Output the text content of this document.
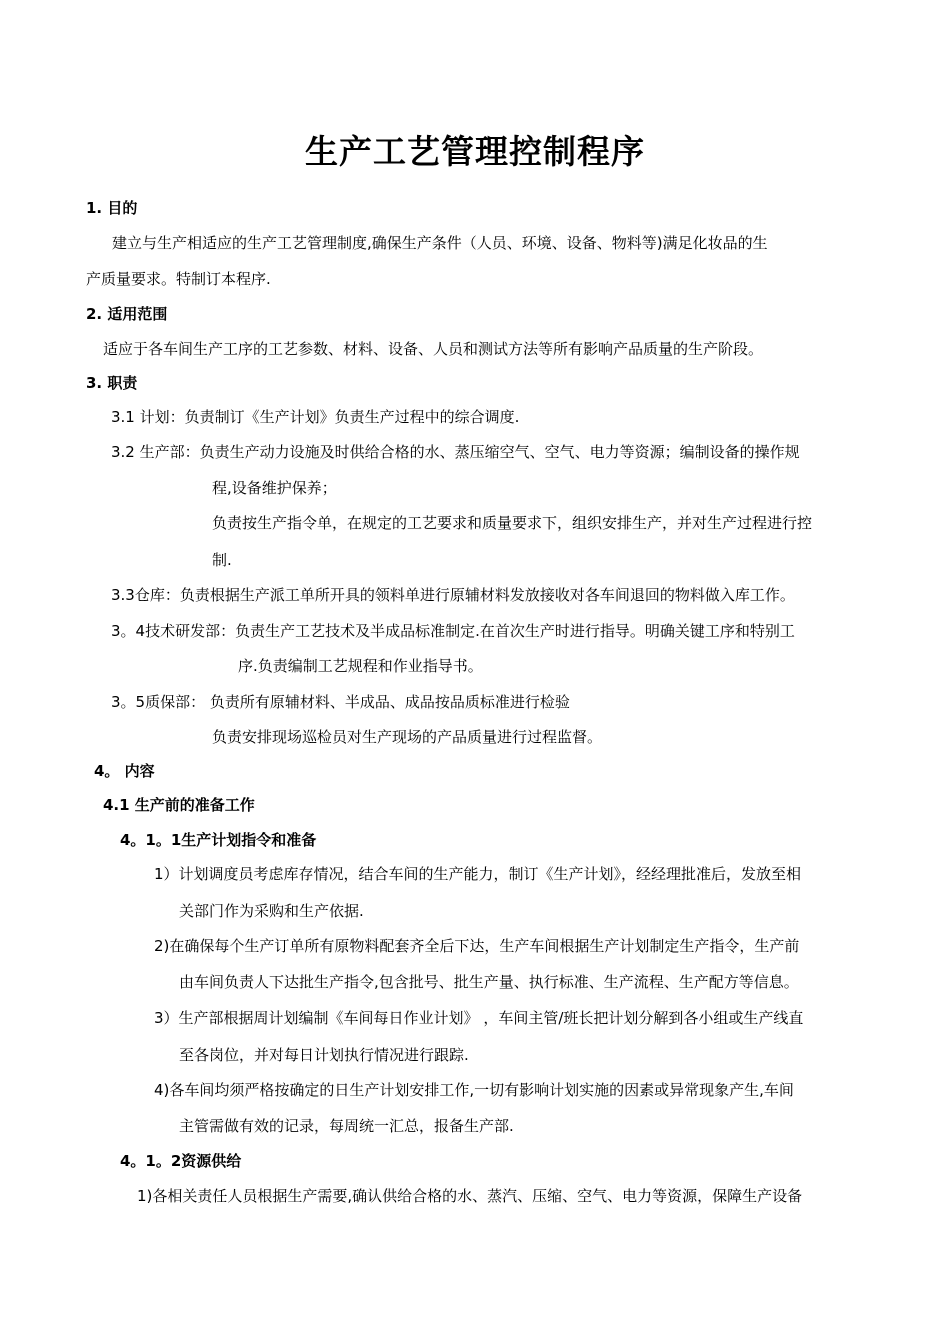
生产工艺管理控制程序
1. 目的
建立与生产相适应的生产工艺管理制度,确保生产条件（人员、环境、设备、物料等)满足化妆品的生
产质量要求。特制订本程序.
2. 适用范围
适应于各车间生产工序的工艺参数、材料、设备、人员和测试方法等所有影响产品质量的生产阶段。
3. 职责
3.1 计划：负责制订《生产计划》负责生产过程中的综合调度.
3.2 生产部：负责生产动力设施及时供给合格的水、蒸压缩空气、空气、电力等资源；编制设备的操作规
程,设备维护保养；
负责按生产指令单，在规定的工艺要求和质量要求下，组织安排生产，并对生产过程进行控
制.
3.3仓库：负责根据生产派工单所开具的领料单进行原辅材料发放接收对各车间退回的物料做入库工作。
3。4技术研发部：负责生产工艺技术及半成品标准制定.在首次生产时进行指导。明确关键工序和特别工
序.负责编制工艺规程和作业指导书。
3。5质保部： 负责所有原辅材料、半成品、成品按品质标准进行检验
负责安排现场巡检员对生产现场的产品质量进行过程监督。
4。 内容
4.1 生产前的准备工作
4。1。1生产计划指令和准备
1）计划调度员考虑库存情况，结合车间的生产能力，制订《生产计划》，经经理批准后，发放至相
关部门作为采购和生产依据.
2)在确保每个生产订单所有原物料配套齐全后下达，生产车间根据生产计划制定生产指令，生产前
由车间负责人下达批生产指令,包含批号、批生产量、执行标准、生产流程、生产配方等信息。
3）生产部根据周计划编制《车间每日作业计划》 ，车间主管/班长把计划分解到各小组或生产线直
至各岗位，并对每日计划执行情况进行跟踪.
4)各车间均须严格按确定的日生产计划安排工作,一切有影响计划实施的因素或异常现象产生,车间
主管需做有效的记录，每周统一汇总，报备生产部.
4。1。2资源供给
1)各相关责任人员根据生产需要,确认供给合格的水、蒸汽、压缩、空气、电力等资源，保障生产设备
